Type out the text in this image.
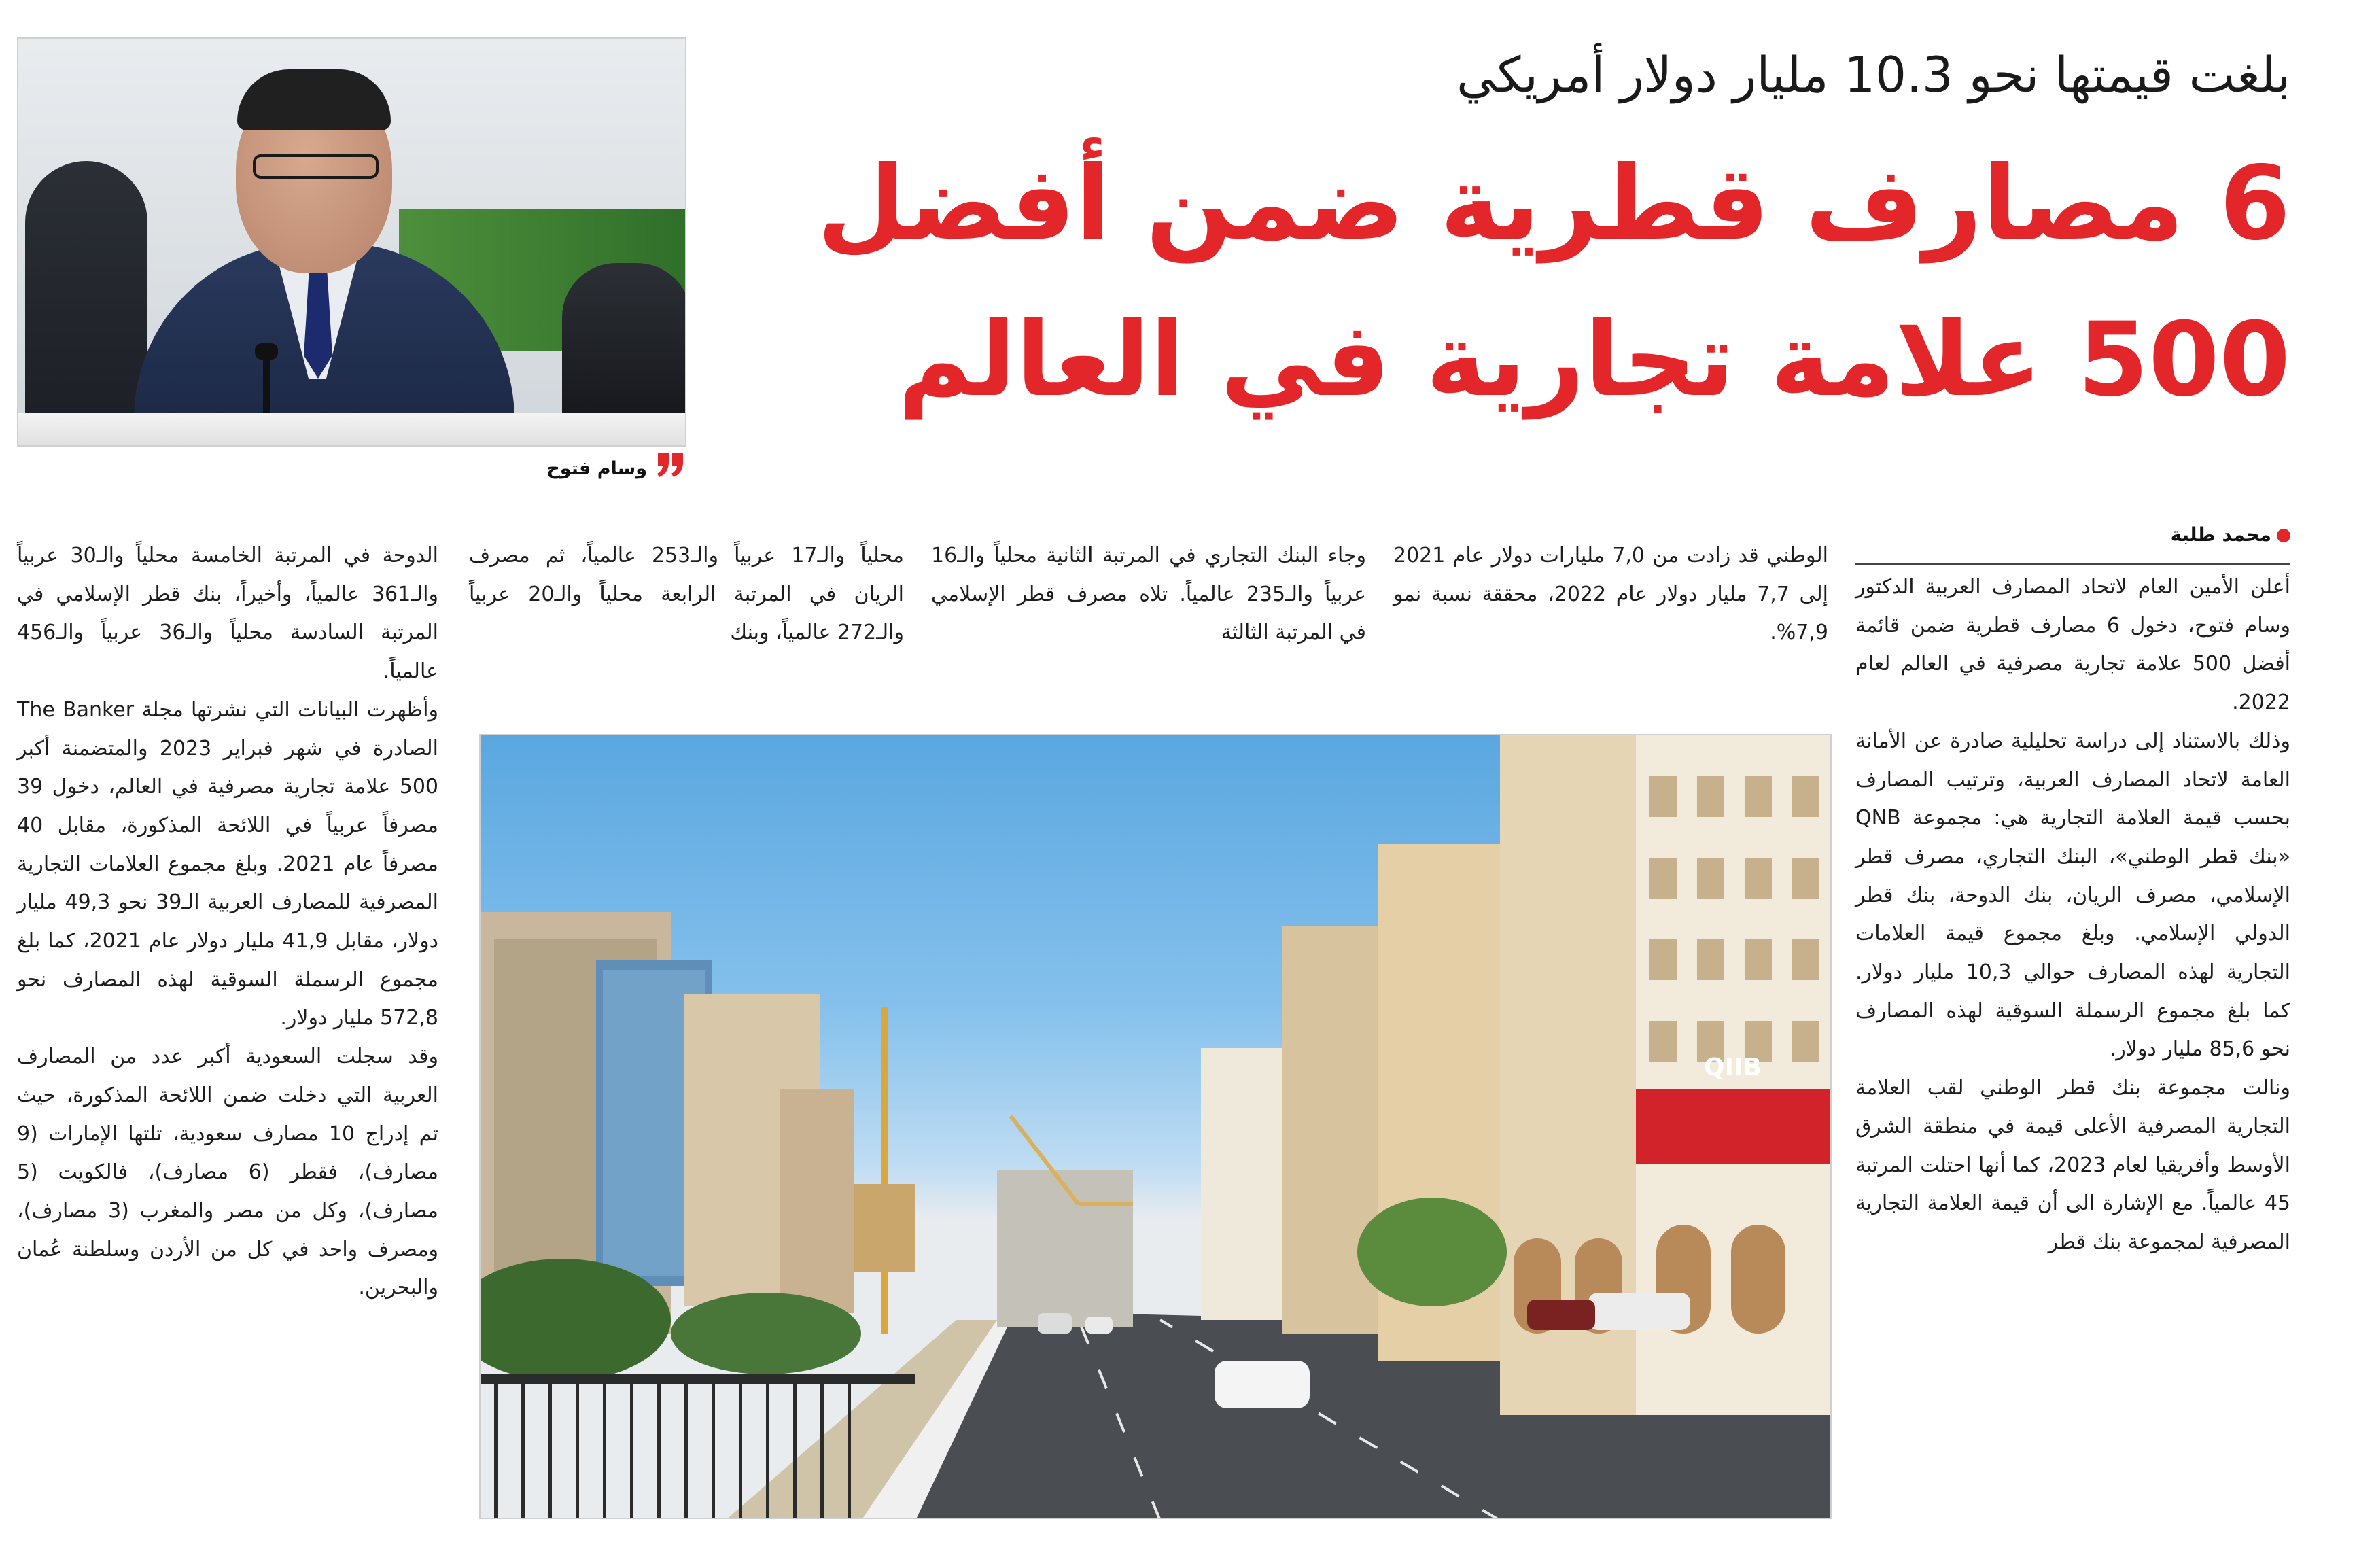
وسام فتوح
بلغت قيمتها نحو 10.3 مليار دولار أمريكي
6 مصارف قطرية ضمن أفضل
500 علامة تجارية في العالم
محمد طلبة

أعلن الأمين العام لاتحاد المصارف العربية الدكتور وسام فتوح، دخول 6 مصارف قطرية ضمن قائمة أفضل 500 علامة تجارية مصرفية في العالم لعام 2022.

وذلك بالاستناد إلى دراسة تحليلية صادرة عن الأمانة العامة لاتحاد المصارف العربية، وترتيب المصارف بحسب قيمة العلامة التجارية هي: مجموعة QNB «بنك قطر الوطني»، البنك التجاري، مصرف قطر الإسلامي، مصرف الريان، بنك الدوحة، بنك قطر الدولي الإسلامي. وبلغ مجموع قيمة العلامات التجارية لهذه المصارف حوالي 10,3 مليار دولار. كما بلغ مجموع الرسملة السوقية لهذه المصارف نحو 85,6 مليار دولار.

ونالت مجموعة بنك قطر الوطني لقب العلامة التجارية المصرفية الأعلى قيمة في منطقة الشرق الأوسط وأفريقيا لعام 2023، كما أنها احتلت المرتبة 45 عالمياً. مع الإشارة الى أن قيمة العلامة التجارية المصرفية لمجموعة بنك قطر

الوطني قد زادت من 7,0 مليارات دولار عام 2021 إلى 7,7 مليار دولار عام 2022، محققة نسبة نمو 7,9%.

وجاء البنك التجاري في المرتبة الثانية محلياً والـ16 عربياً والـ235 عالمياً. تلاه مصرف قطر الإسلامي في المرتبة الثالثة

محلياً والـ17 عربياً والـ253 عالمياً، ثم مصرف الريان في المرتبة الرابعة محلياً والـ20 عربياً والـ272 عالمياً، وبنك

الدوحة في المرتبة الخامسة محلياً والـ30 عربياً والـ361 عالمياً، وأخيراً، بنك قطر الإسلامي في المرتبة السادسة محلياً والـ36 عربياً والـ456 عالمياً.

وأظهرت البيانات التي نشرتها مجلة The Banker الصادرة في شهر فبراير 2023 والمتضمنة أكبر 500 علامة تجارية مصرفية في العالم، دخول 39 مصرفاً عربياً في اللائحة المذكورة، مقابل 40 مصرفاً عام 2021. وبلغ مجموع العلامات التجارية المصرفية للمصارف العربية الـ39 نحو 49,3 مليار دولار، مقابل 41,9 مليار دولار عام 2021، كما بلغ مجموع الرسملة السوقية لهذه المصارف نحو 572,8 مليار دولار.

وقد سجلت السعودية أكبر عدد من المصارف العربية التي دخلت ضمن اللائحة المذكورة، حيث تم إدراج 10 مصارف سعودية، تلتها الإمارات (9 مصارف)، فقطر (6 مصارف)، فالكويت (5 مصارف)، وكل من مصر والمغرب (3 مصارف)، ومصرف واحد في كل من الأردن وسلطنة عُمان والبحرين.

QIIB
